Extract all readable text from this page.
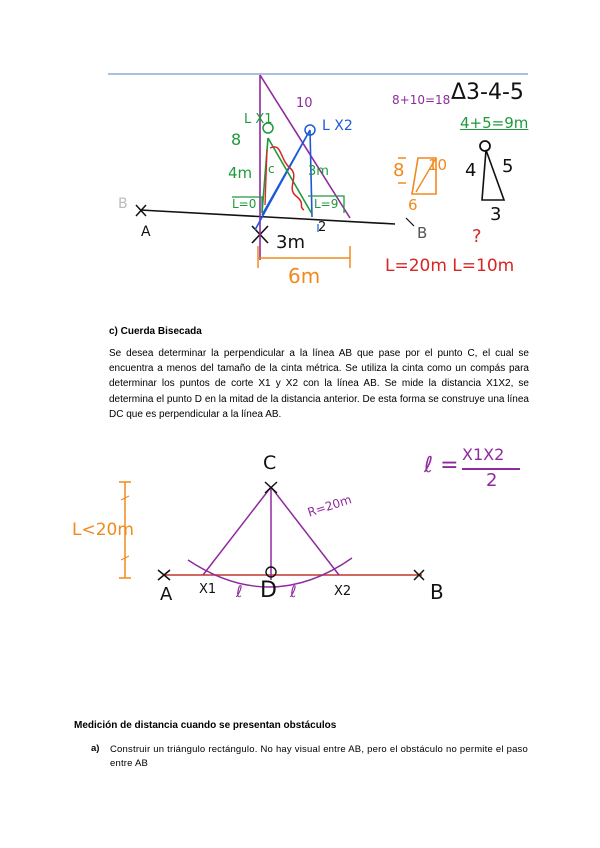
10
8
L X1	L X2
4m c	3m
L=0	L=9
B
A	2	B
3m
6m
8+10=18 Δ3-4-5
4+5=9m
10
8
6
4 5
3
?
L=20m L=10m
c) Cuerda Bisecada
Se desea determinar la perpendicular a la línea AB que pase por el punto C, el cual se encuentra a menos del tamaño de la cinta métrica. Se utiliza la cinta como un compás para determinar los puntos de corte X1 y X2 con la línea AB. Se mide la distancia X1X2, se determina el punto D en la mitad de la distancia anterior. De esta forma se construye una línea DC que es perpendicular a la línea AB.
C
L<20m
R=20m
A	B
X1	X2
D
ℓ	ℓ
ℓ = X1X2
2
Medición de distancia cuando se presentan obstáculos
a) Construir un triángulo rectángulo. No hay visual entre AB, pero el obstáculo no permite el paso entre AB
